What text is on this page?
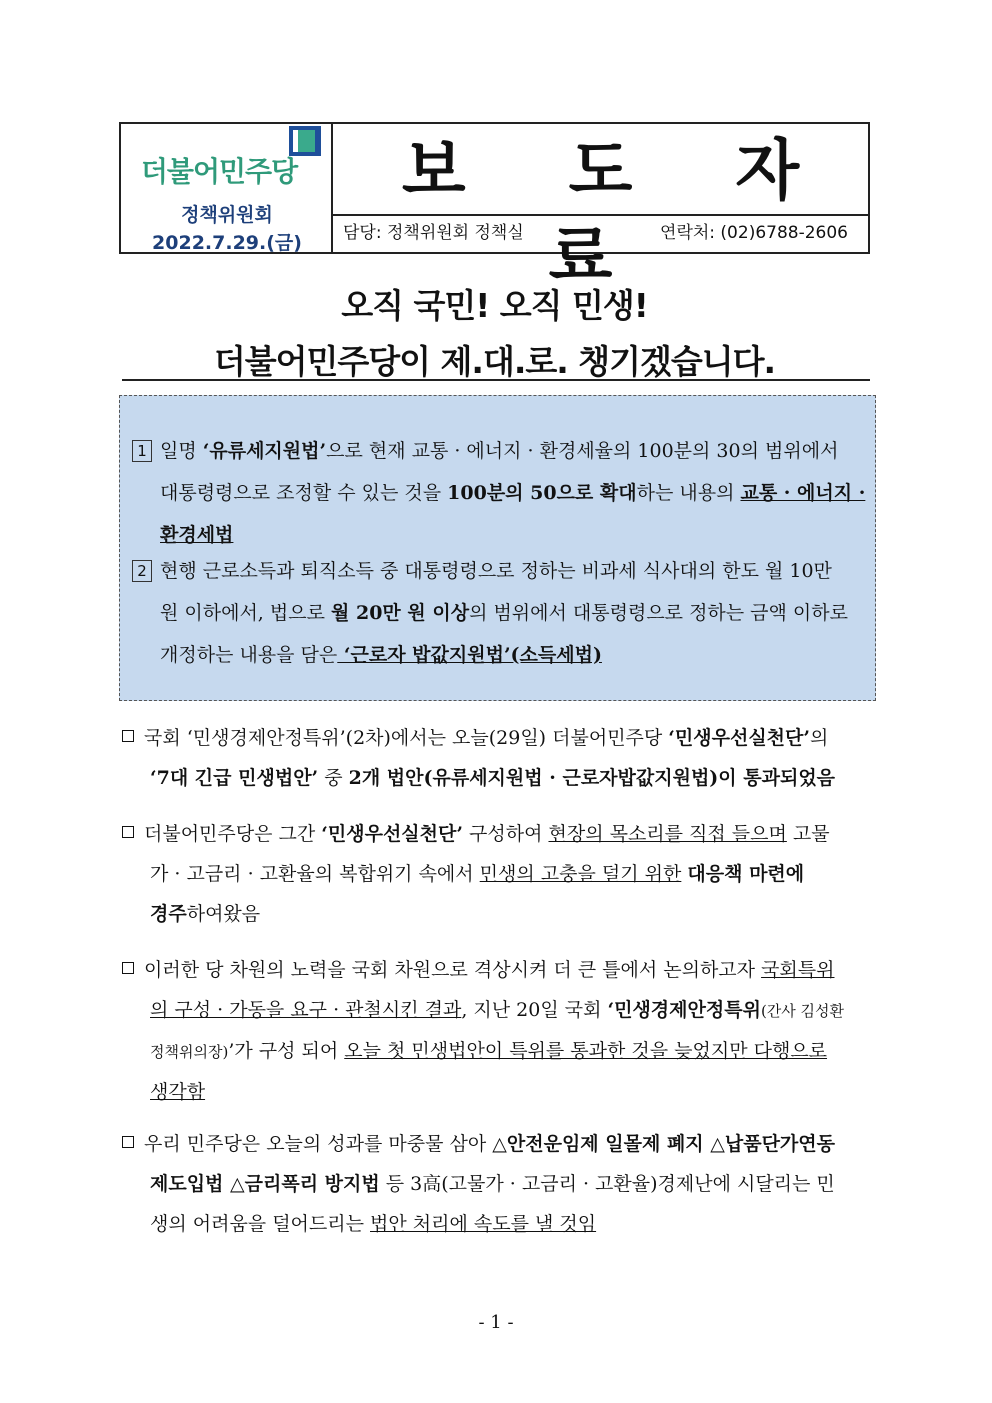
더불어민주당
정책위원회
2022.7.29.(금)
보 도 자 료
담당: 정책위원회 정책실	연락처: (02)6788-2606
오직 국민! 오직 민생!
더불어민주당이 제.대.로. 챙기겠습니다.
1 일명 ‘유류세지원법’으로 현재 교통 · 에너지 · 환경세율의 100분의 30의 범위에서
대통령령으로 조정할 수 있는 것을 100분의 50으로 확대하는 내용의 교통 · 에너지 ·
환경세법
2 현행 근로소득과 퇴직소득 중 대통령령으로 정하는 비과세 식사대의 한도 월 10만
원 이하에서, 법으로 월 20만 원 이상의 범위에서 대통령령으로 정하는 금액 이하로
개정하는 내용을 담은 ‘근로자 밥값지원법’(소득세법)
국회 ‘민생경제안정특위’(2차)에서는 오늘(29일) 더불어민주당 ‘민생우선실천단’의
‘7대 긴급 민생법안’ 중 2개 법안(유류세지원법 · 근로자밥값지원법)이 통과되었음
더불어민주당은 그간 ‘민생우선실천단’ 구성하여 현장의 목소리를 직접 들으며 고물
가 · 고금리 · 고환율의 복합위기 속에서 민생의 고충을 덜기 위한 대응책 마련에
경주하여왔음
이러한 당 차원의 노력을 국회 차원으로 격상시켜 더 큰 틀에서 논의하고자 국회특위
의 구성 · 가동을 요구 · 관철시킨 결과, 지난 20일 국회 ‘민생경제안정특위(간사 김성환
정책위의장)’가 구성 되어 오늘 첫 민생법안이 특위를 통과한 것을 늦었지만 다행으로
생각함
우리 민주당은 오늘의 성과를 마중물 삼아 △안전운임제 일몰제 폐지 △납품단가연동
제도입법 △금리폭리 방지법 등 3高(고물가 · 고금리 · 고환율)경제난에 시달리는 민
생의 어려움을 덜어드리는 법안 처리에 속도를 낼 것임
- 1 -
